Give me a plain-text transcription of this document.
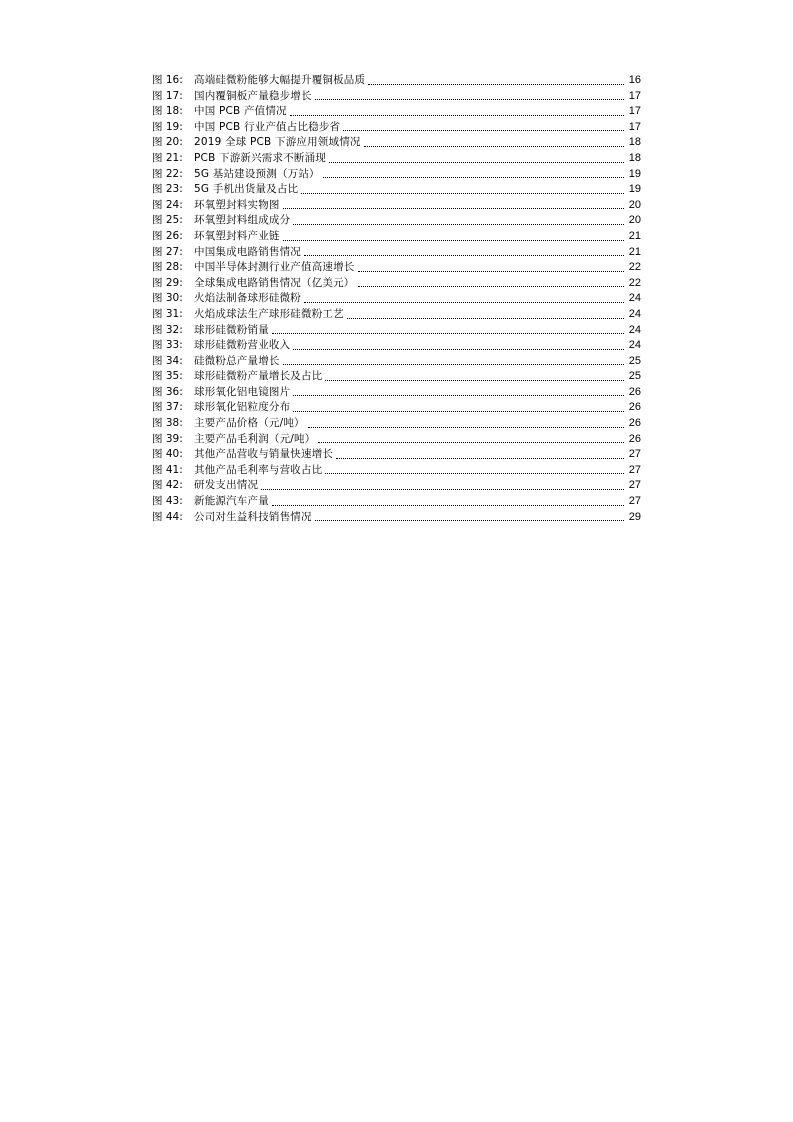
图 16:	高端硅微粉能够大幅提升覆铜板品质	16
图 17:	国内覆铜板产量稳步增长	17
图 18:	中国 PCB 产值情况	17
图 19:	中国 PCB 行业产值占比稳步省	17
图 20:	2019 全球 PCB 下游应用领域情况	18
图 21:	PCB 下游新兴需求不断涌现	18
图 22:	5G 基站建设预测（万站）	19
图 23:	5G 手机出货量及占比	19
图 24:	环氧塑封料实物图	20
图 25:	环氧塑封料组成成分	20
图 26:	环氧塑封料产业链	21
图 27:	中国集成电路销售情况	21
图 28:	中国半导体封测行业产值高速增长	22
图 29:	全球集成电路销售情况（亿美元）	22
图 30:	火焰法制备球形硅微粉	24
图 31:	火焰成球法生产球形硅微粉工艺	24
图 32:	球形硅微粉销量	24
图 33:	球形硅微粉营业收入	24
图 34:	硅微粉总产量增长	25
图 35:	球形硅微粉产量增长及占比	25
图 36:	球形氧化铝电镜图片	26
图 37:	球形氧化铝粒度分布	26
图 38:	主要产品价格（元/吨）	26
图 39:	主要产品毛利润（元/吨）	26
图 40:	其他产品营收与销量快速增长	27
图 41:	其他产品毛利率与营收占比	27
图 42:	研发支出情况	27
图 43:	新能源汽车产量	27
图 44:	公司对生益科技销售情况	29
